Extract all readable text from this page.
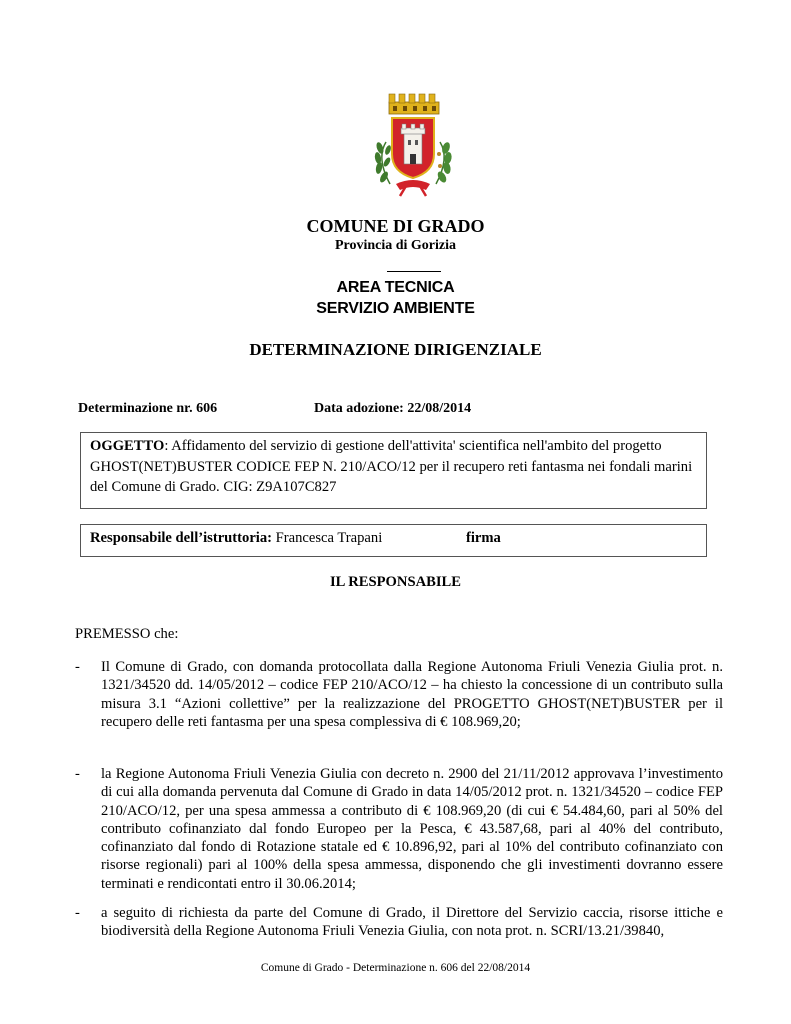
COMUNE DI GRADO
Provincia di Gorizia
AREA TECNICA
SERVIZIO AMBIENTE
DETERMINAZIONE DIRIGENZIALE
Determinazione nr. 606	Data adozione: 22/08/2014
OGGETTO: Affidamento del servizio di gestione dell'attivita' scientifica nell'ambito del progetto GHOST(NET)BUSTER CODICE FEP N. 210/ACO/12 per il recupero reti fantasma nei fondali marini del Comune di Grado. CIG: Z9A107C827
Responsabile dell’istruttoria: Francesca Trapani	firma
IL RESPONSABILE
PREMESSO che:
-	Il Comune di Grado, con domanda protocollata dalla Regione Autonoma Friuli Venezia Giulia prot. n. 1321/34520 dd. 14/05/2012 – codice FEP 210/ACO/12 – ha chiesto la concessione di un contributo sulla misura 3.1 “Azioni collettive” per la realizzazione del PROGETTO GHOST(NET)BUSTER per il recupero delle reti fantasma per una spesa complessiva di € 108.969,20;
-	la Regione Autonoma Friuli Venezia Giulia con decreto n. 2900 del 21/11/2012 approvava l’investimento di cui alla domanda pervenuta dal Comune di Grado in data 14/05/2012 prot. n. 1321/34520 – codice FEP 210/ACO/12, per una spesa ammessa a contributo di € 108.969,20 (di cui € 54.484,60, pari al 50% del contributo cofinanziato dal fondo Europeo per la Pesca, € 43.587,68, pari al 40% del contributo, cofinanziato dal fondo di Rotazione statale ed € 10.896,92, pari al 10% del contributo cofinanziato con risorse regionali) pari al 100% della spesa ammessa, disponendo che gli investimenti dovranno essere terminati e rendicontati entro il 30.06.2014;
-	a seguito di richiesta da parte del Comune di Grado, il Direttore del Servizio caccia, risorse ittiche e biodiversità della Regione Autonoma Friuli Venezia Giulia, con nota prot. n. SCRI/13.21/39840,
Comune di Grado - Determinazione n. 606 del 22/08/2014
